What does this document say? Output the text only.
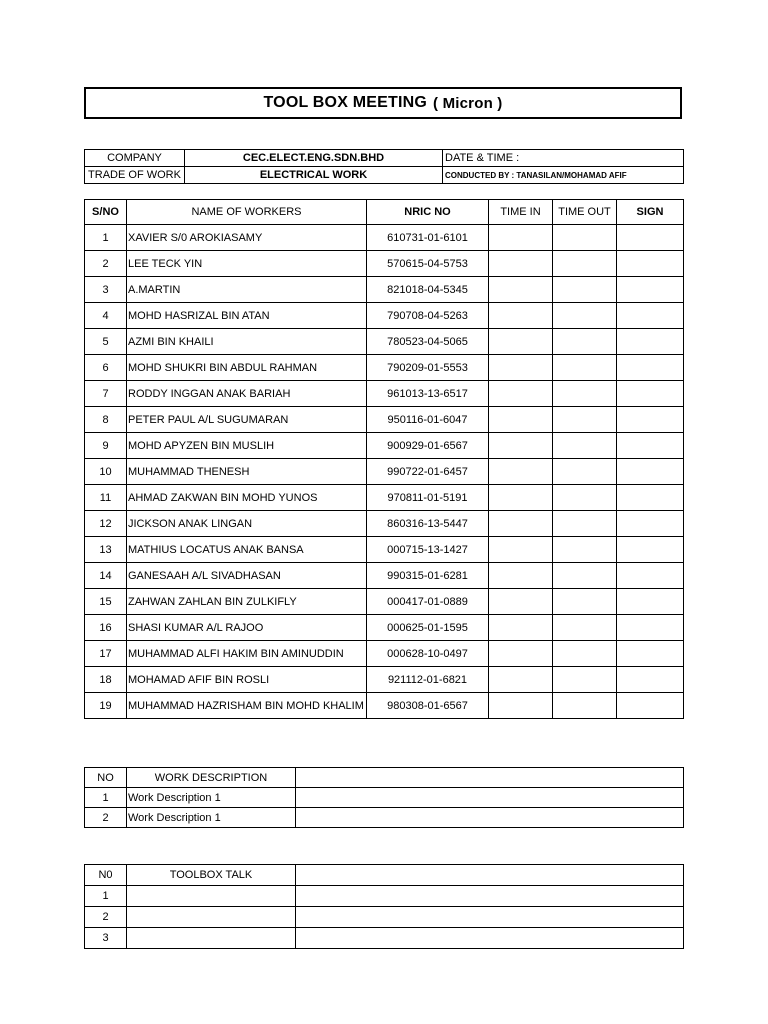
TOOL BOX MEETING ( Micron )
COMPANY	CEC.ELECT.ENG.SDN.BHD	DATE & TIME :
TRADE OF WORK	ELECTRICAL WORK	CONDUCTED BY : TANASILAN/MOHAMAD AFIF
S/NO	NAME OF WORKERS	NRIC NO	TIME IN	TIME OUT	SIGN
1	XAVIER S/0 AROKIASAMY	610731-01-6101			
2	LEE TECK YIN	570615-04-5753			
3	A.MARTIN	821018-04-5345			
4	MOHD HASRIZAL BIN ATAN	790708-04-5263			
5	AZMI BIN KHAILI	780523-04-5065			
6	MOHD SHUKRI BIN ABDUL RAHMAN	790209-01-5553			
7	RODDY INGGAN ANAK BARIAH	961013-13-6517			
8	PETER PAUL A/L SUGUMARAN	950116-01-6047			
9	MOHD APYZEN BIN MUSLIH	900929-01-6567			
10	MUHAMMAD THENESH	990722-01-6457			
11	AHMAD ZAKWAN BIN MOHD YUNOS	970811-01-5191			
12	JICKSON ANAK LINGAN	860316-13-5447			
13	MATHIUS LOCATUS ANAK BANSA	000715-13-1427			
14	GANESAAH A/L SIVADHASAN	990315-01-6281			
15	ZAHWAN ZAHLAN BIN ZULKIFLY	000417-01-0889			
16	SHASI KUMAR A/L RAJOO	000625-01-1595			
17	MUHAMMAD ALFI HAKIM BIN AMINUDDIN	000628-10-0497			
18	MOHAMAD AFIF BIN ROSLI	921112-01-6821			
19	MUHAMMAD HAZRISHAM BIN MOHD KHALIM	980308-01-6567			
NO	WORK DESCRIPTION	
1	Work Description 1	
2	Work Description 1	
N0	TOOLBOX TALK	
1		
2		
3		
